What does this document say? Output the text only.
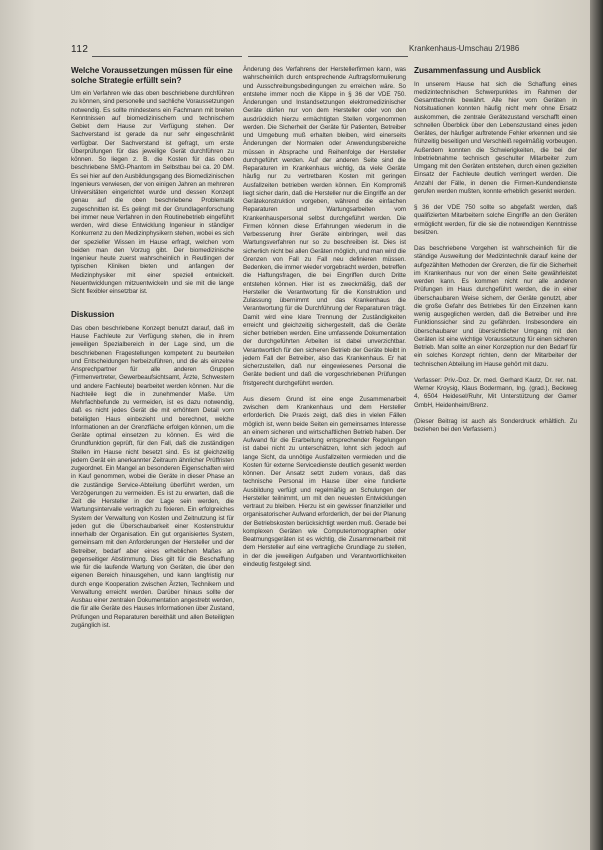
112	Krankenhaus-Umschau 2/1986
Welche Voraussetzungen müssen für eine solche Strategie erfüllt sein?

Um ein Verfahren wie das oben beschriebene durchführen zu können, sind personelle und sachliche Voraussetzungen notwendig. Es sollte mindestens ein Fachmann mit breiten Kenntnissen auf biomedizinischem und technischem Gebiet dem Hause zur Verfügung stehen. Der Sachverstand ist gerade da nur sehr eingeschränkt verfügbar. Der Sachverstand ist gefragt, um erste Überprüfungen für das jeweilige Gerät durchführen zu können. So liegen z. B. die Kosten für das oben beschriebene SMG-Phantom im Selbstbau bei ca. 20 DM. Es sei hier auf den Ausbildungsgang des Biomedizinischen Ingenieurs verwiesen, der von einigen Jahren an mehreren Universitäten eingerichtet wurde und dessen Konzept genau auf die oben beschriebene Problematik zugeschnitten ist. Es gelingt mit der Grundlagenforschung bei immer neue Verfahren in den Routinebetrieb eingeführt werden, wird diese Entwicklung Ingenieur in ständiger Konkurrenz zu den Medizinphysikern stehen, wobei es sich der spezieller Wissen im Hause erfragt, welchen vom beiden man den Vorzug gibt. Der biomedizinische Ingenieur heute zuerst wahrscheinlich in Reutlingen der typischen Kliniken bieten und anfangen der Medizinphysiker mit einer speziell entwickelt. Neuentwicklungen mitzuentwickeln und sie mit die lange Sicht flexibler einsetzbar ist.

Diskussion

Das oben beschriebene Konzept benutzt darauf, daß im Hause Fachleute zur Verfügung stehen, die in ihrem jeweiligen Spezialbereich in der Lage sind, um die beschriebenen Fragestellungen kompetent zu beurteilen und Entscheidungen herbeizuführen, und die als einzelne Ansprechpartner für alle anderen Gruppen (Firmenvertreter, Gewerbeaufsichtsamt, Ärzte, Schwestern und andere Fachleute) bearbeitet werden können. Nur die Nachteile liegt die in zunehmender Maße. Um Mehrfachbefunde zu vermeiden, ist es dazu notwendig, daß es nicht jedes Gerät die mit erhöhtem Detail vom beteiligten Haus einbezieht und berechnet, welche Informationen an der Grenzfläche erfolgen können, um die Geräte optimal einsetzen zu können. Es wird die Grundfunktion geprüft, für den Fall, daß die zuständigen Stellen im Hause nicht besetzt sind. Es ist gleichzeitig jedem Gerät ein anerkannter Zeitraum ähnlicher Prüffristen zugeordnet. Ein Mangel an besonderen Eigenschaften wird in Kauf genommen, wobei die Geräte in dieser Phase an die zuständige Service-Abteilung überführt werden, um Verzögerungen zu vermeiden. Es ist zu erwarten, daß die Zeit die Hersteller in der Lage sein werden, die Wartungsintervalle vertraglich zu fixieren. Ein erfolgreiches System der Verwaltung von Kosten und Zeitnutzung ist für jeden gut die Überschaubarkeit einer Kostenstruktur innerhalb der Organisation. Ein gut organisiertes System, gemeinsam mit den Anforderungen der Hersteller und der Betreiber, bedarf aber eines erheblichen Maßes an gegenseitiger Abstimmung. Dies gilt für die Beschaffung wie für die laufende Wartung von Geräten, die über den eigenen Bereich hinausgehen, und kann langfristig nur durch enge Kooperation zwischen Ärzten, Technikern und Verwaltung erreicht werden. Darüber hinaus sollte der Ausbau einer zentralen Dokumentation angestrebt werden, die für alle Geräte des Hauses Informationen über Zustand, Prüfungen und Reparaturen bereithält und allen Beteiligten zugänglich ist.

Änderung des Verfahrens der Herstellerfirmen kann, was wahrscheinlich durch entsprechende Auftragsformulierung und Ausschreibungsbedingungen zu erreichen wäre. So entstehe immer noch die Klippe in § 36 der VDE 750. Änderungen und Instandsetzungen elektromedizinischer Geräte dürfen nur von dem Hersteller oder von den ausdrücklich hierzu ermächtigten Stellen vorgenommen werden. Die Sicherheit der Geräte für Patienten, Betreiber und Umgebung muß erhalten bleiben, wird einerseits Änderungen der Normalen oder Anwendungsbereiche müssen in Absprache und Reihenfolge der Hersteller durchgeführt werden. Auf der anderen Seite sind die Reparaturen im Krankenhaus wichtig, da viele Geräte häufig nur zu vertretbaren Kosten mit geringen Ausfallzeiten betrieben werden können. Ein Kompromiß liegt sicher darin, daß die Hersteller nur die Eingriffe an der Gerätekonstruktion vorgeben, während die einfachen Reparaturen und Wartungsarbeiten vom Krankenhauspersonal selbst durchgeführt werden. Die Firmen können diese Erfahrungen wiederum in die Verbesserung ihrer Geräte einbringen, weil das Wartungsverfahren nur so zu beschreiben ist. Dies ist sicherlich nicht bei allen Geräten möglich, und man wird die Grenzen von Fall zu Fall neu definieren müssen. Bedenken, die immer wieder vorgebracht werden, betreffen die Haftungsfragen, die bei Eingriffen durch Dritte entstehen können. Hier ist es zweckmäßig, daß der Hersteller die Verantwortung für die Konstruktion und Zulassung übernimmt und das Krankenhaus die Verantwortung für die Durchführung der Reparaturen trägt. Damit wird eine klare Trennung der Zuständigkeiten erreicht und gleichzeitig sichergestellt, daß die Geräte sicher betrieben werden. Eine umfassende Dokumentation der durchgeführten Arbeiten ist dabei unverzichtbar. Verantwortlich für den sicheren Betrieb der Geräte bleibt in jedem Fall der Betreiber, also das Krankenhaus. Er hat sicherzustellen, daß nur eingewiesenes Personal die Geräte bedient und daß die vorgeschriebenen Prüfungen fristgerecht durchgeführt werden.

Aus diesem Grund ist eine enge Zusammenarbeit zwischen dem Krankenhaus und dem Hersteller erforderlich. Die Praxis zeigt, daß dies in vielen Fällen möglich ist, wenn beide Seiten ein gemeinsames Interesse an einem sicheren und wirtschaftlichen Betrieb haben. Der Aufwand für die Erarbeitung entsprechender Regelungen ist dabei nicht zu unterschätzen, lohnt sich jedoch auf lange Sicht, da unnötige Ausfallzeiten vermieden und die Kosten für externe Servicedienste deutlich gesenkt werden können. Der Ansatz setzt zudem voraus, daß das technische Personal im Hause über eine fundierte Ausbildung verfügt und regelmäßig an Schulungen der Hersteller teilnimmt, um mit den neuesten Entwicklungen vertraut zu bleiben. Hierzu ist ein gewisser finanzieller und organisatorischer Aufwand erforderlich, der bei der Planung der Betriebskosten berücksichtigt werden muß. Gerade bei komplexen Geräten wie Computertomographen oder Beatmungsgeräten ist es wichtig, die Zusammenarbeit mit dem Hersteller auf eine vertragliche Grundlage zu stellen, in der die jeweiligen Aufgaben und Verantwortlichkeiten eindeutig festgelegt sind.

Zusammenfassung und Ausblick

In unserem Hause hat sich die Schaffung eines medizintechnischen Schwerpunktes im Rahmen der Gesamttechnik bewährt. Alle hier vom Geräten in Notsituationen konnten häufig nicht mehr ohne Ersatz auskommen, die zentrale Gerätezustand verschafft einen schnellen Überblick über den Lebenszustand eines jeden Gerätes, der häufiger auftretende Fehler erkennen und sie frühzeitig beseitigen und Verschleiß regelmäßig vorbeugen. Außerdem konnten die Schwierigkeiten, die bei der Inbetriebnahme technisch geschulter Mitarbeiter zum Umgang mit den Geräten entstehen, durch einen gezielten Einsatz der Fachleute deutlich verringert werden. Die Anzahl der Fälle, in denen die Firmen-Kundendienste gerufen werden mußten, konnte erheblich gesenkt werden.

§ 36 der VDE 750 sollte so abgefaßt werden, daß qualifizierten Mitarbeitern solche Eingriffe an den Geräten ermöglicht werden, für die sie die notwendigen Kenntnisse besitzen.

Das beschriebene Vorgehen ist wahrscheinlich für die ständige Ausweitung der Medizintechnik darauf keine der aufgezählten Methoden der Grenzen, die für die Sicherheit im Krankenhaus nur von der einen Seite gewährleistet werden kann. Es kommen nicht nur alle anderen Prüfungen im Haus durchgeführt werden, die in einer überschaubaren Weise sichern, der Geräte genutzt, aber die große Gefahr des Betriebes für den Einzelnen kann wenig ausgeglichen werden, daß die Betreiber und ihre Funktionssicher sind zu gefährden. Insbesondere ein überschaubarer und übersichtlicher Umgang mit den Geräten ist eine wichtige Voraussetzung für einen sicheren Betrieb. Man sollte an einer Konzeption nur den Bedarf für ein solches Konzept richten, denn der Mitarbeiter der technischen Abteilung im Hause gehört mit dazu.

Verfasser: Priv.-Doz. Dr. med. Gerhard Kautz, Dr. rer. nat. Werner Kroysig, Klaus Bodermann, Ing. (grad.), Beckweg 4, 6504 Heidesel/Ruhr, Mit Unterstützung der Gamer GmbH, Heidenheim/Brenz.

(Dieser Beitrag ist auch als Sonderdruck erhältlich. Zu beziehen bei den Verfassern.)
